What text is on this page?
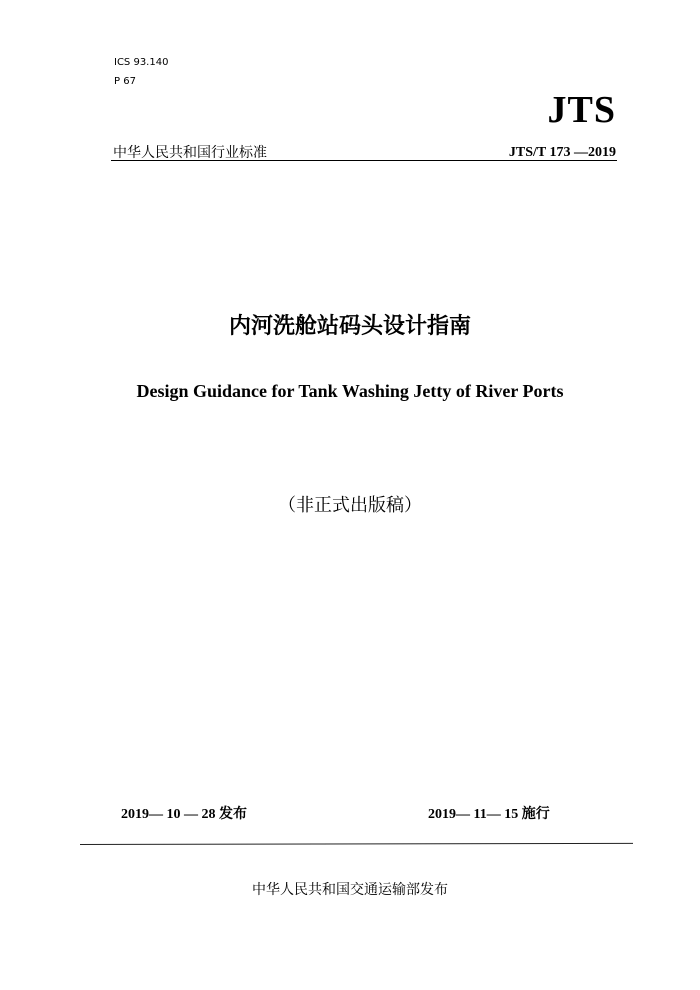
ICS 93.140
P 67
JTS
中华人民共和国行业标准	JTS/T 173 —2019
内河洗舱站码头设计指南
Design Guidance for Tank Washing Jetty of River Ports
（非正式出版稿）
2019— 10 — 28 发布	2019— 11— 15 施行
中华人民共和国交通运输部发布
